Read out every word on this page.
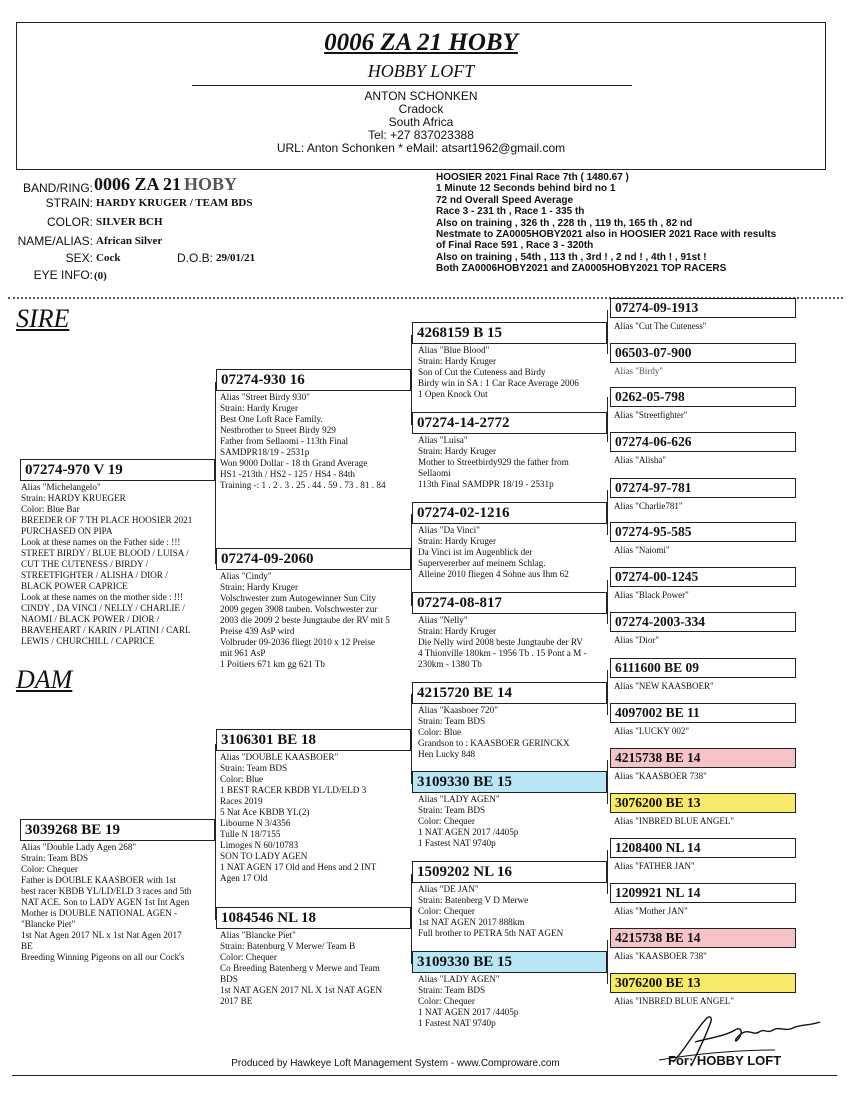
0006 ZA 21 HOBY
HOBBY LOFT
ANTON SCHONKEN
Cradock
South Africa
Tel: +27 837023388
URL: Anton Schonken * eMail: atsart1962@gmail.com
BAND/RING: 0006 ZA 21 HOBY
STRAIN: HARDY KRUGER / TEAM BDS
COLOR: SILVER BCH
NAME/ALIAS: African Silver
SEX: Cock	D.O.B: 29/01/21
EYE INFO: (0)
HOOSIER 2021 Final Race 7th ( 1480.67 )
1 Minute 12 Seconds behind bird no 1
72 nd Overall Speed Average
Race 3 - 231 th , Race 1 - 335 th
Also on training , 326 th , 228 th , 119 th, 165 th , 82 nd
Nestmate to ZA0005HOBY2021 also in HOOSIER 2021 Race with results
of Final Race 591 , Race 3 - 320th
Also on training , 54th , 113 th , 3rd ! , 2 nd ! , 4th ! , 91st !
Both ZA0006HOBY2021 and ZA0005HOBY2021 TOP RACERS
SIRE
DAM
07274-970 V 19
Alias "Michelangelo"
Strain: HARDY KRUEGER
Color: Blue Bar
BREEDER OF 7 TH PLACE HOOSIER 2021
PURCHASED ON PIPA
Look at these names on the Father side : !!!
STREET BIRDY / BLUE BLOOD / LUISA /
CUT THE CUTENESS / BIRDY /
STREETFIGHTER / ALISHA / DIOR /
BLACK POWER CAPRICE
Look at these names on the mother side : !!!
CINDY , DA VINCI / NELLY / CHARLIE /
NAOMI / BLACK POWER / DIOR /
BRAVEHEART / KARIN / PLATINI / CARL
LEWIS / CHURCHILL / CAPRICE
3039268 BE 19
Alias "Double Lady Agen 268"
Strain: Team BDS
Color: Chequer
Father is DOUBLE KAASBOER with 1st
best racer KBDB YL/LD/ELD 3 races and 5th
NAT ACE. Son to LADY AGEN 1st Int Agen
Mother is DOUBLE NATIONAL AGEN -
"Blancke Piet"
1st Nat Agen 2017 NL x 1st Nat Agen 2017
BE
Breeding Winning Pigeons on all our Cock's
07274-930 16
Alias "Street Birdy 930"
Strain: Hardy Kruger
Best One Loft Race Family.
Nestbrother to Street Birdy 929
Father from Sellaomi - 113th Final
SAMDPR18/19 - 2531p
Won 9000 Dollar - 18 th Grand Average
HS1 -213th / HS2 - 125 / HS4 - 84th
Training -: 1 . 2 . 3 . 25 . 44 . 59 . 73 . 81 . 84
07274-09-2060
Alias "Cindy"
Strain: Hardy Kruger
Volschwester zum Autogewinner Sun City
2009 gegen 3908 tauben. Volschwester zur
2003 die 2009 2 beste Jungtaube der RV mit 5
Preise 439 AsP wird
Volbruder 09-2036 fliegt 2010 x 12 Preise
mit 961 AsP
1 Poitiers 671 km gg 621 Tb
3106301 BE 18
Alias "DOUBLE KAASBOER"
Strain: Team BDS
Color: Blue
1 BEST RACER KBDB YL/LD/ELD 3
Races 2019
5 Nat Ace KBDB YL(2)
Libourne N 3/4356
Tulle N 18/7155
Limoges N 60/10783
SON TO LADY AGEN
1 NAT AGEN 17 Old and Hens and 2 INT
Agen 17 Old
1084546 NL 18
Alias "Blancke Piet"
Strain: Batenburg V Merwe/ Team B
Color: Chequer
Co Breeding Batenberg v Merwe and Team
BDS
1st NAT AGEN 2017 NL X 1st NAT AGEN
2017 BE
4268159 B 15
Alias "Blue Blood"
Strain: Hardy Kruger
Son of Cut the Cuteness and Birdy
Birdy win in SA : 1 Car Race Average 2006
1 Open Knock Out
07274-14-2772
Alias "Luisa"
Strain: Hardy Kruger
Mother to Streetbirdy929 the father from
Sellaomi
113th Final SAMDPR 18/19 - 2531p
07274-02-1216
Alias "Da Vinci"
Strain: Hardy Kruger
Da Vinci ist im Augenblick der
Supervererber auf meinem Schlag.
Alleine 2010 fliegen 4 Sohne aus Ihm 62
07274-08-817
Alias "Nelly"
Strain: Hardy Kruger
Die Nelly wird 2008 beste Jungtaube der RV
4 Thionville 180km - 1956 Tb . 15 Pont a M -
230km - 1380 Tb
4215720 BE 14
Alias "Kaasboer 720"
Strain: Team BDS
Color: Blue
Grandson to : KAASBOER GERINCKX
Hen Lucky 848
3109330 BE 15
Alias "LADY AGEN"
Strain: Team BDS
Color: Chequer
1 NAT AGEN 2017 /4405p
1 Fastest NAT 9740p
1509202 NL 16
Alias "DE JAN"
Strain: Batenberg V D Merwe
Color: Chequer
1st NAT AGEN 2017 888km
Full brother to PETRA 5th NAT AGEN
3109330 BE 15
Alias "LADY AGEN"
Strain: Team BDS
Color: Chequer
1 NAT AGEN 2017 /4405p
1 Fastest NAT 9740p
07274-09-1913
Alias "Cut The Cuteness"
06503-07-900
Alias "Birdy"
0262-05-798
Alias "Streetfighter"
07274-06-626
Alias "Alisha"
07274-97-781
Alias "Charlie781"
07274-95-585
Alias "Naiomi"
07274-00-1245
Alias "Black Power"
07274-2003-334
Alias "Dior"
6111600 BE 09
Alias "NEW KAASBOER"
4097002 BE 11
Alias "LUCKY 002"
4215738 BE 14
Alias "KAASBOER 738"
3076200 BE 13
Alias "INBRED BLUE ANGEL"
1208400 NL 14
Alias "FATHER JAN"
1209921 NL 14
Alias "Mother JAN"
4215738 BE 14
Alias "KAASBOER 738"
3076200 BE 13
Alias "INBRED BLUE ANGEL"
For: HOBBY LOFT
Produced by Hawkeye Loft Management System - www.Comproware.com
